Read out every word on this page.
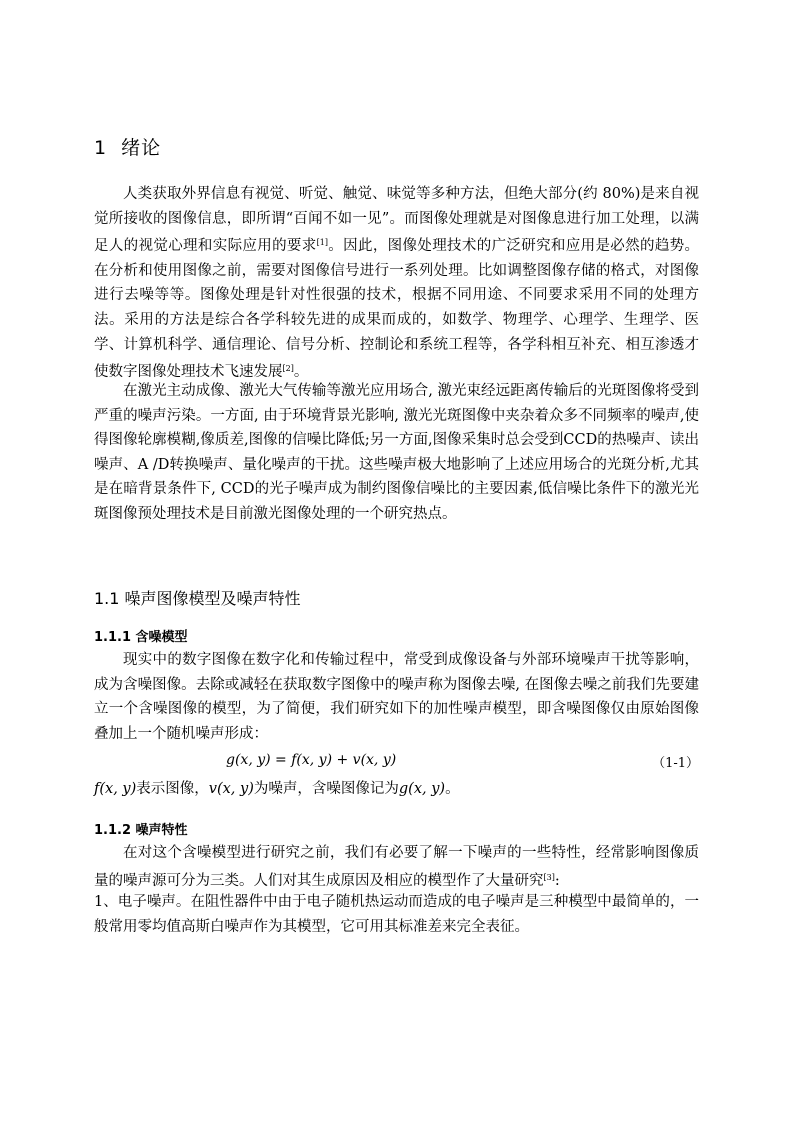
1 绪论

人类获取外界信息有视觉、听觉、触觉、味觉等多种方法，但绝大部分(约 80%)是来自视觉所接收的图像信息，即所谓“百闻不如一见”。而图像处理就是对图像息进行加工处理，以满足人的视觉心理和实际应用的要求[1]。因此，图像处理技术的广泛研究和应用是必然的趋势。在分析和使用图像之前，需要对图像信号进行一系列处理。比如调整图像存储的格式，对图像进行去噪等等。图像处理是针对性很强的技术，根据不同用途、不同要求采用不同的处理方法。采用的方法是综合各学科较先进的成果而成的，如数学、物理学、心理学、生理学、医学、计算机科学、通信理论、信号分析、控制论和系统工程等，各学科相互补充、相互渗透才使数字图像处理技术飞速发展[2]。

在激光主动成像、激光大气传输等激光应用场合, 激光束经远距离传输后的光斑图像将受到严重的噪声污染。一方面, 由于环境背景光影响, 激光光斑图像中夹杂着众多不同频率的噪声,使得图像轮廓模糊,像质差,图像的信噪比降低;另一方面,图像采集时总会受到CCD的热噪声、读出噪声、A /D转换噪声、量化噪声的干扰。这些噪声极大地影响了上述应用场合的光斑分析,尤其是在暗背景条件下, CCD的光子噪声成为制约图像信噪比的主要因素,低信噪比条件下的激光光斑图像预处理技术是目前激光图像处理的一个研究热点。

1.1 噪声图像模型及噪声特性
1.1.1 含噪模型

现实中的数字图像在数字化和传输过程中，常受到成像设备与外部环境噪声干扰等影响，成为含噪图像。去除或减轻在获取数字图像中的噪声称为图像去噪, 在图像去噪之前我们先要建立一个含噪图像的模型，为了简便，我们研究如下的加性噪声模型，即含噪图像仅由原始图像叠加上一个随机噪声形成：

g(x, y) = f(x, y) + v(x, y)	（1-1）

f(x, y)表示图像，v(x, y)为噪声，含噪图像记为g(x, y)。

1.1.2 噪声特性

在对这个含噪模型进行研究之前，我们有必要了解一下噪声的一些特性，经常影响图像质量的噪声源可分为三类。人们对其生成原因及相应的模型作了大量研究[3]:

1、电子噪声。在阻性器件中由于电子随机热运动而造成的电子噪声是三种模型中最简单的，一般常用零均值高斯白噪声作为其模型，它可用其标准差来完全表征。
